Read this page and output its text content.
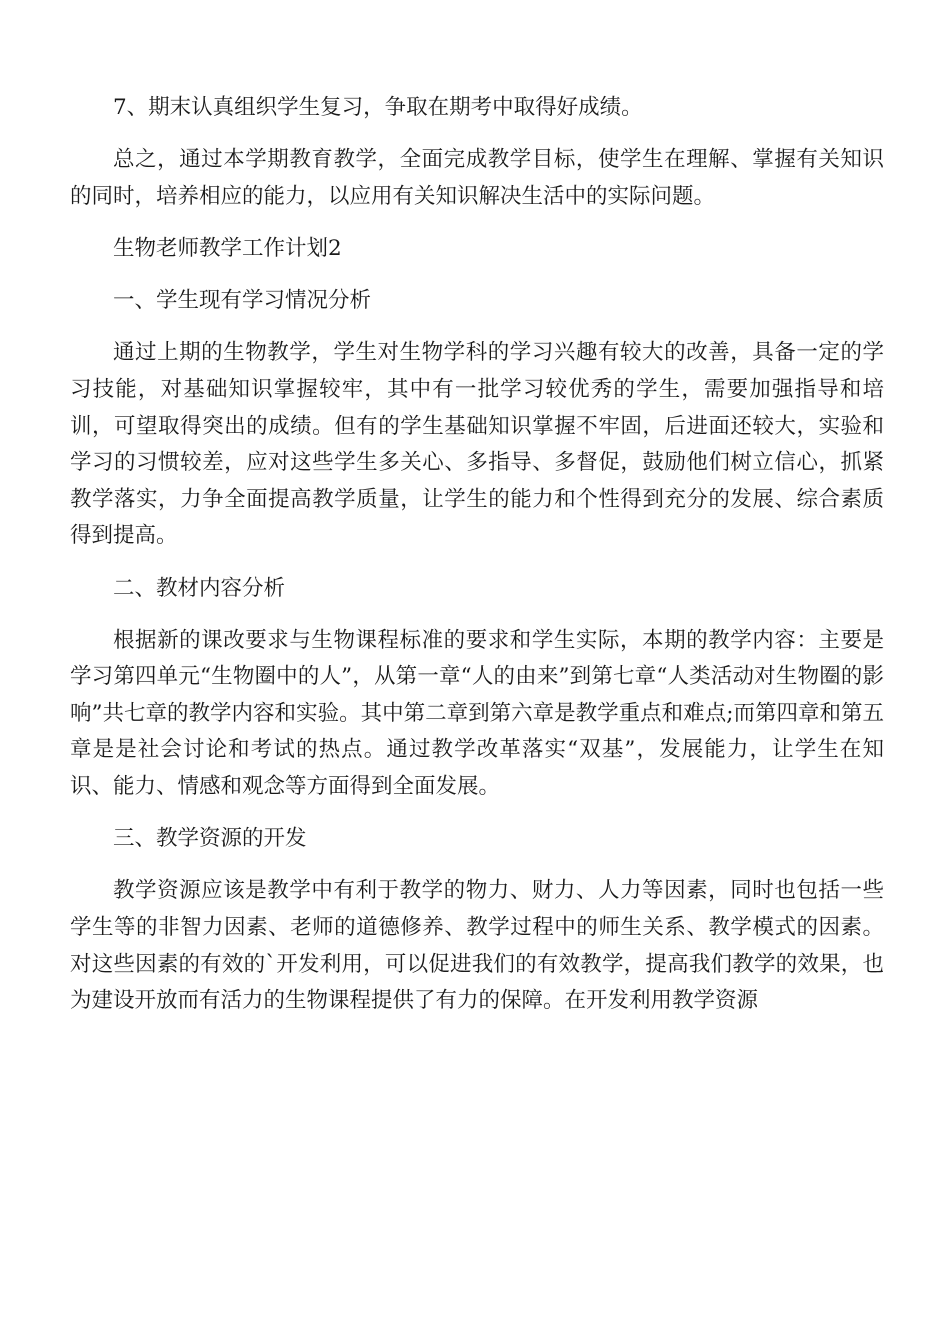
7、期末认真组织学生复习，争取在期考中取得好成绩。

总之，通过本学期教育教学，全面完成教学目标，使学生在理解、掌握有关知识的同时，培养相应的能力，以应用有关知识解决生活中的实际问题。

生物老师教学工作计划2

一、学生现有学习情况分析

通过上期的生物教学，学生对生物学科的学习兴趣有较大的改善，具备一定的学习技能，对基础知识掌握较牢，其中有一批学习较优秀的学生，需要加强指导和培训，可望取得突出的成绩。但有的学生基础知识掌握不牢固，后进面还较大，实验和学习的习惯较差，应对这些学生多关心、多指导、多督促，鼓励他们树立信心，抓紧教学落实，力争全面提高教学质量，让学生的能力和个性得到充分的发展、综合素质得到提高。

二、教材内容分析

根据新的课改要求与生物课程标准的要求和学生实际，本期的教学内容：主要是学习第四单元“生物圈中的人”，从第一章“人的由来”到第七章“人类活动对生物圈的影响”共七章的教学内容和实验。其中第二章到第六章是教学重点和难点;而第四章和第五章是是社会讨论和考试的热点。通过教学改革落实“双基”，发展能力，让学生在知识、能力、情感和观念等方面得到全面发展。

三、教学资源的开发

教学资源应该是教学中有利于教学的物力、财力、人力等因素，同时也包括一些学生等的非智力因素、老师的道德修养、教学过程中的师生关系、教学模式的因素。对这些因素的有效的`开发利用，可以促进我们的有效教学，提高我们教学的效果，也为建设开放而有活力的生物课程提供了有力的保障。在开发利用教学资源
